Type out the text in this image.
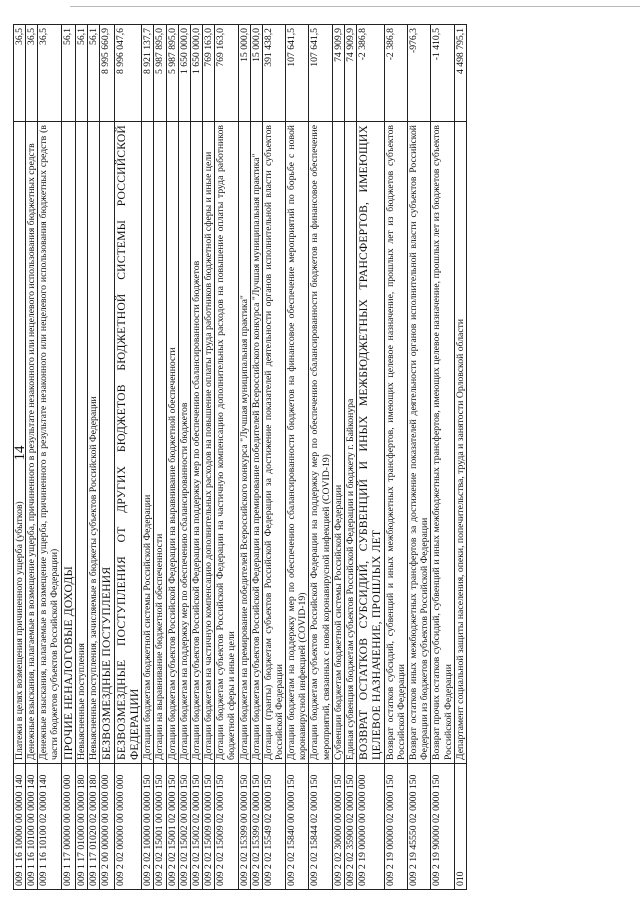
14
009 1 16 10000 00 0000 140	Платежи в целях возмещения причиненного ущерба (убытков)	36,5
009 1 16 10100 00 0000 140	Денежные взыскания, налагаемые в возмещение ущерба, причиненного в результате незаконного или нецелевого использования бюджетных средств	36,5
009 1 16 10100 02 0000 140	Денежные взыскания, налагаемые в возмещение ущерба, причиненного в результате незаконного или нецелевого использования бюджетных средств (в части бюджетов субъектов Российской Федерации)	36,5
009 1 17 00000 00 0000 000	ПРОЧИЕ НЕНАЛОГОВЫЕ ДОХОДЫ	56,1
009 1 17 01000 00 0000 180	Невыясненные поступления	56,1
009 1 17 01020 02 0000 180	Невыясненные поступления, зачисляемые в бюджеты субъектов Российской Федерации	56,1
009 2 00 00000 00 0000 000	БЕЗВОЗМЕЗДНЫЕ ПОСТУПЛЕНИЯ	8 995 660,9
009 2 02 00000 00 0000 000	БЕЗВОЗМЕЗДНЫЕ ПОСТУПЛЕНИЯ ОТ ДРУГИХ БЮДЖЕТОВ БЮДЖЕТНОЙ СИСТЕМЫ РОССИЙСКОЙ ФЕДЕРАЦИИ	8 996 047,6
009 2 02 10000 00 0000 150	Дотации бюджетам бюджетной системы Российской Федерации	8 921 137,7
009 2 02 15001 00 0000 150	Дотации на выравнивание бюджетной обеспеченности	5 987 895,0
009 2 02 15001 02 0000 150	Дотации бюджетам субъектов Российской Федерации на выравнивание бюджетной обеспеченности	5 987 895,0
009 2 02 15002 00 0000 150	Дотации бюджетам на поддержку мер по обеспечению сбалансированности бюджетов	1 650 000,0
009 2 02 15002 02 0000 150	Дотации бюджетам субъектов Российской Федерации на поддержку мер по обеспечению сбалансированности бюджетов	1 650 000,0
009 2 02 15009 00 0000 150	Дотации бюджетам на частичную компенсацию дополнительных расходов на повышение оплаты труда работников бюджетной сферы и иные цели	769 163,0
009 2 02 15009 02 0000 150	Дотации бюджетам субъектов Российской Федерации на частичную компенсацию дополнительных расходов на повышение оплаты труда работников бюджетной сферы и иные цели	769 163,0
009 2 02 15399 00 0000 150	Дотации бюджетам на премирование победителей Всероссийского конкурса "Лучшая муниципальная практика"	15 000,0
009 2 02 15399 02 0000 150	Дотации бюджетам субъектов Российской Федерации на премирование победителей Всероссийского конкурса "Лучшая муниципальная практика"	15 000,0
009 2 02 15549 02 0000 150	Дотации (гранты) бюджетам субъектов Российской Федерации за достижение показателей деятельности органов исполнительной власти субъектов Российской Федерации	391 438,2
009 2 02 15840 00 0000 150	Дотации бюджетам на поддержку мер по обеспечению сбалансированности бюджетов на финансовое обеспечение мероприятий по борьбе с новой коронавирусной инфекцией (COVID-19)	107 641,5
009 2 02 15844 02 0000 150	Дотации бюджетам субъектов Российской Федерации на поддержку мер по обеспечению сбалансированности бюджетов на финансовое обеспечение мероприятий, связанных с новой коронавирусной инфекцией (COVID-19)	107 641,5
009 2 02 30000 00 0000 150	Субвенции бюджетам бюджетной системы Российской Федерации	74 909,9
009 2 02 35900 02 0000 150	Единая субвенция бюджетам субъектов Российской Федерации и бюджету г. Байконура	74 909,9
009 2 19 00000 00 0000 000	ВОЗВРАТ ОСТАТКОВ СУБСИДИЙ, СУБВЕНЦИЙ И ИНЫХ МЕЖБЮДЖЕТНЫХ ТРАНСФЕРТОВ, ИМЕЮЩИХ ЦЕЛЕВОЕ НАЗНАЧЕНИЕ, ПРОШЛЫХ ЛЕТ	-2 386,8
009 2 19 00000 02 0000 150	Возврат остатков субсидий, субвенций и иных межбюджетных трансфертов, имеющих целевое назначение, прошлых лет из бюджетов субъектов Российской Федерации	-2 386,8
009 2 19 45550 02 0000 150	Возврат остатков иных межбюджетных трансфертов за достижение показателей деятельности органов исполнительной власти субъектов Российской Федерации из бюджетов субъектов Российской Федерации	-976,3
009 2 19 90000 02 0000 150	Возврат прочих остатков субсидий, субвенций и иных межбюджетных трансфертов, имеющих целевое назначение, прошлых лет из бюджетов субъектов Российской Федерации	-1 410,5
010	Департамент социальной защиты населения, опеки, попечительства, труда и занятости Орловской области	4 498 795,1
